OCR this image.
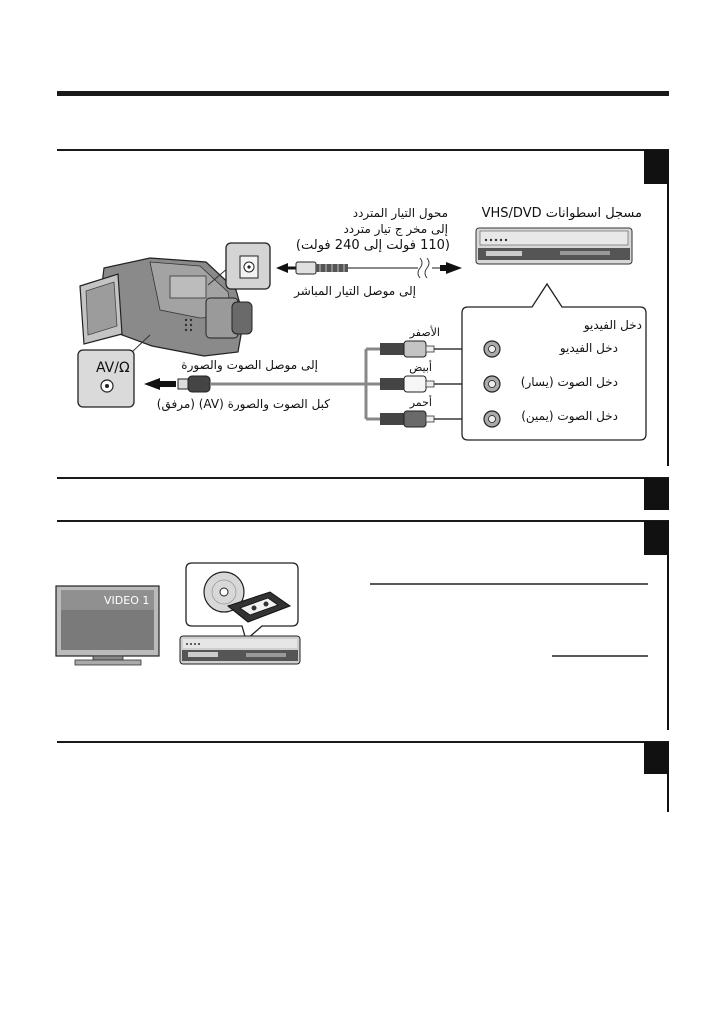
مسجل اسطوانات VHS/DVD
محول التيار المتردد
إلى مخر ج تيار متردد
(110 فولت إلى 240 فولت)
إلى موصل التيار المباشر
AV/Ω	إلى موصل الصوت والصورة
كبل الصوت والصورة (AV) (مرفق)
الأصفر
أبيض
أحمر
دخل الفيديو
دخل الفيديو
دخل الصوت (يسار)
دخل الصوت (يمين)
VIDEO 1
